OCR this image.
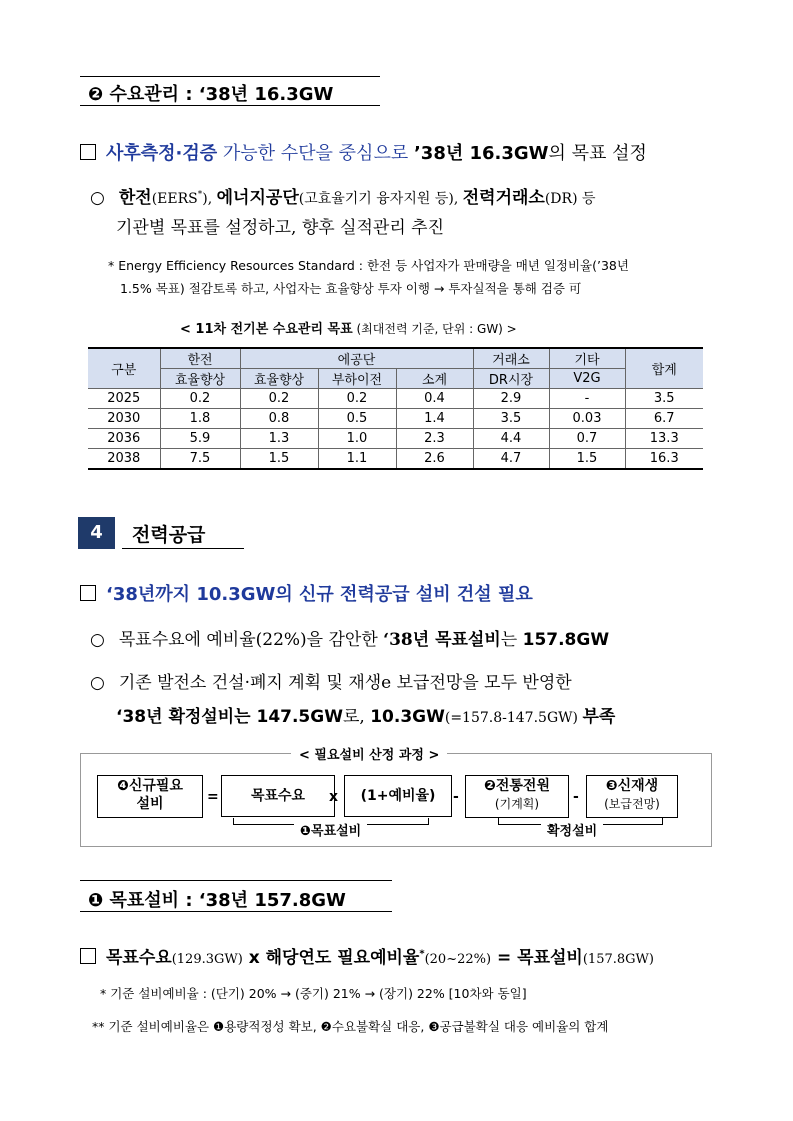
❷ 수요관리 : ‘38년 16.3GW
사후측정·검증 가능한 수단을 중심으로 ’38년 16.3GW의 목표 설정
○ 한전(EERS*), 에너지공단(고효율기기 융자지원 등), 전력거래소(DR) 등
기관별 목표를 설정하고, 향후 실적관리 추진
* Energy Efficiency Resources Standard : 한전 등 사업자가 판매량을 매년 일정비율(’38년
1.5% 목표) 절감토록 하고, 사업자는 효율향상 투자 이행 → 투자실적을 통해 검증 可
< 11차 전기본 수요관리 목표 (최대전력 기준, 단위 : GW) >
구분	한전	에공단			거래소	기타	합계
	효율향상	효율향상	부하이전	소계	DR시장	V2G	
2025	0.2	0.2	0.2	0.4	2.9	-	3.5
2030	1.8	0.8	0.5	1.4	3.5	0.03	6.7
2036	5.9	1.3	1.0	2.3	4.4	0.7	13.3
2038	7.5	1.5	1.1	2.6	4.7	1.5	16.3
4	전력공급
‘38년까지 10.3GW의 신규 전력공급 설비 건설 필요
○ 목표수요에 예비율(22%)을 감안한 ‘38년 목표설비는 157.8GW
○ 기존 발전소 건설·폐지 계획 및 재생e 보급전망을 모두 반영한
‘38년 확정설비는 147.5GW로, 10.3GW(=157.8-147.5GW) 부족
< 필요설비 산정 과정 >
❹신규필요
설비	=	목표수요	x	(1+예비율)	-
❷전통전원
(기계획)	-
❸신재생
(보급전망)
❶목표설비	확정설비
❶ 목표설비 : ‘38년 157.8GW
목표수요(129.3GW) x 해당연도 필요예비율*(20~22%) = 목표설비(157.8GW)
* 기준 설비예비율 : (단기) 20% → (중기) 21% → (장기) 22% [10차와 동일]
** 기준 설비예비율은 ❶용량적정성 확보, ❷수요불확실 대응, ❸공급불확실 대응 예비율의 합계
